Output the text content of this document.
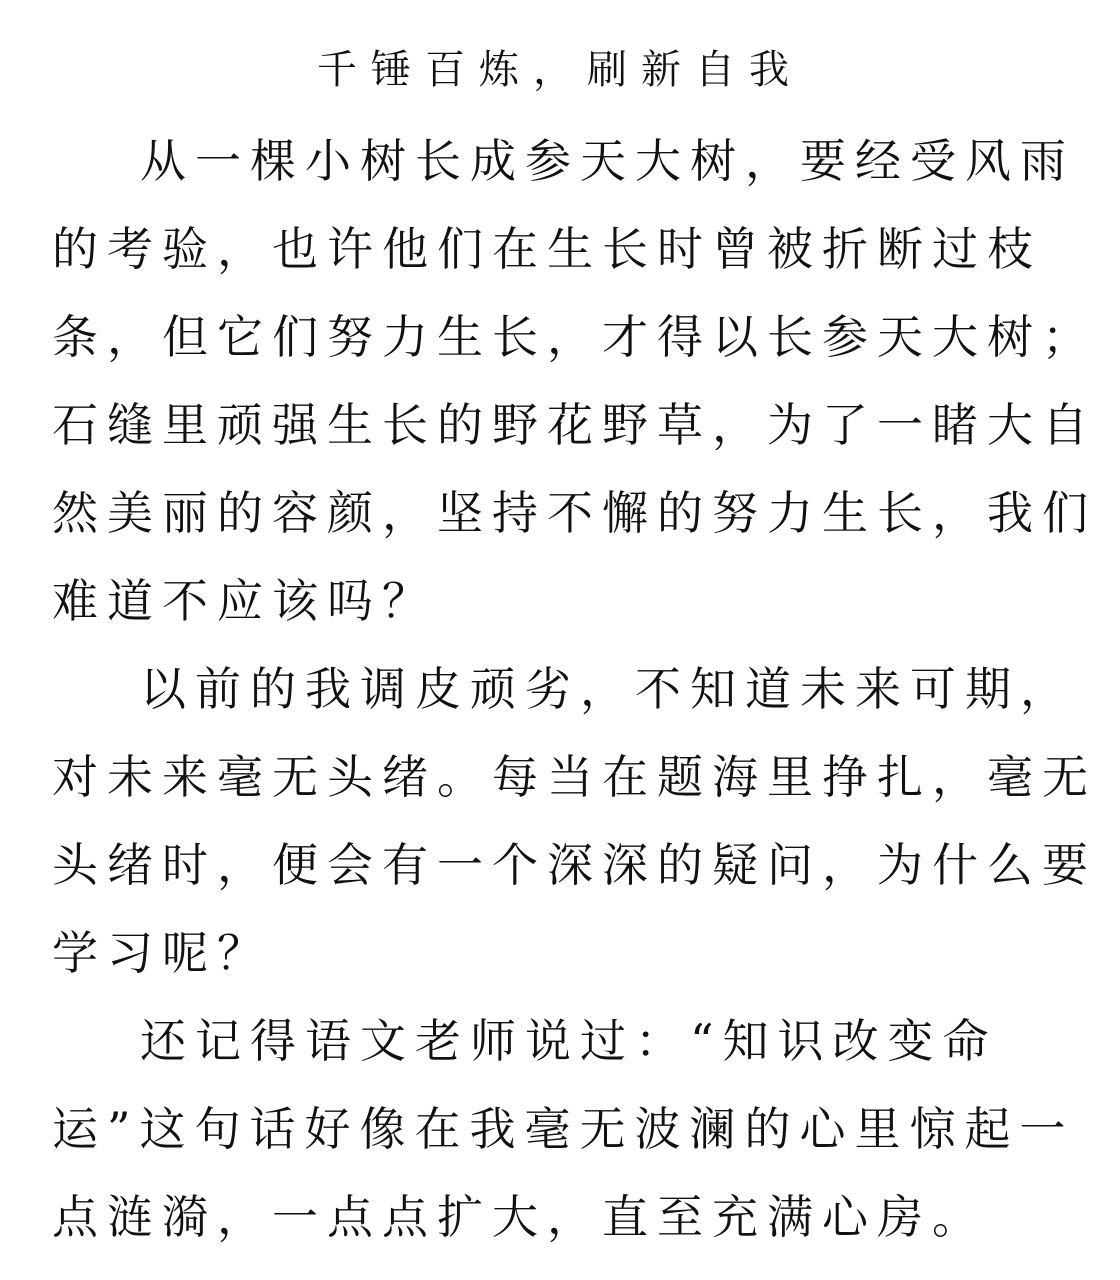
千锤百炼，刷新自我
从一棵小树长成参天大树，要经受风雨
的考验，也许他们在生长时曾被折断过枝
条，但它们努力生长，才得以长参天大树；
石缝里顽强生长的野花野草，为了一睹大自
然美丽的容颜，坚持不懈的努力生长，我们
难道不应该吗？
以前的我调皮顽劣，不知道未来可期，
对未来毫无头绪。每当在题海里挣扎，毫无
头绪时，便会有一个深深的疑问，为什么要
学习呢？
还记得语文老师说过：“知识改变命
运”这句话好像在我毫无波澜的心里惊起一
点涟漪，一点点扩大，直至充满心房。
